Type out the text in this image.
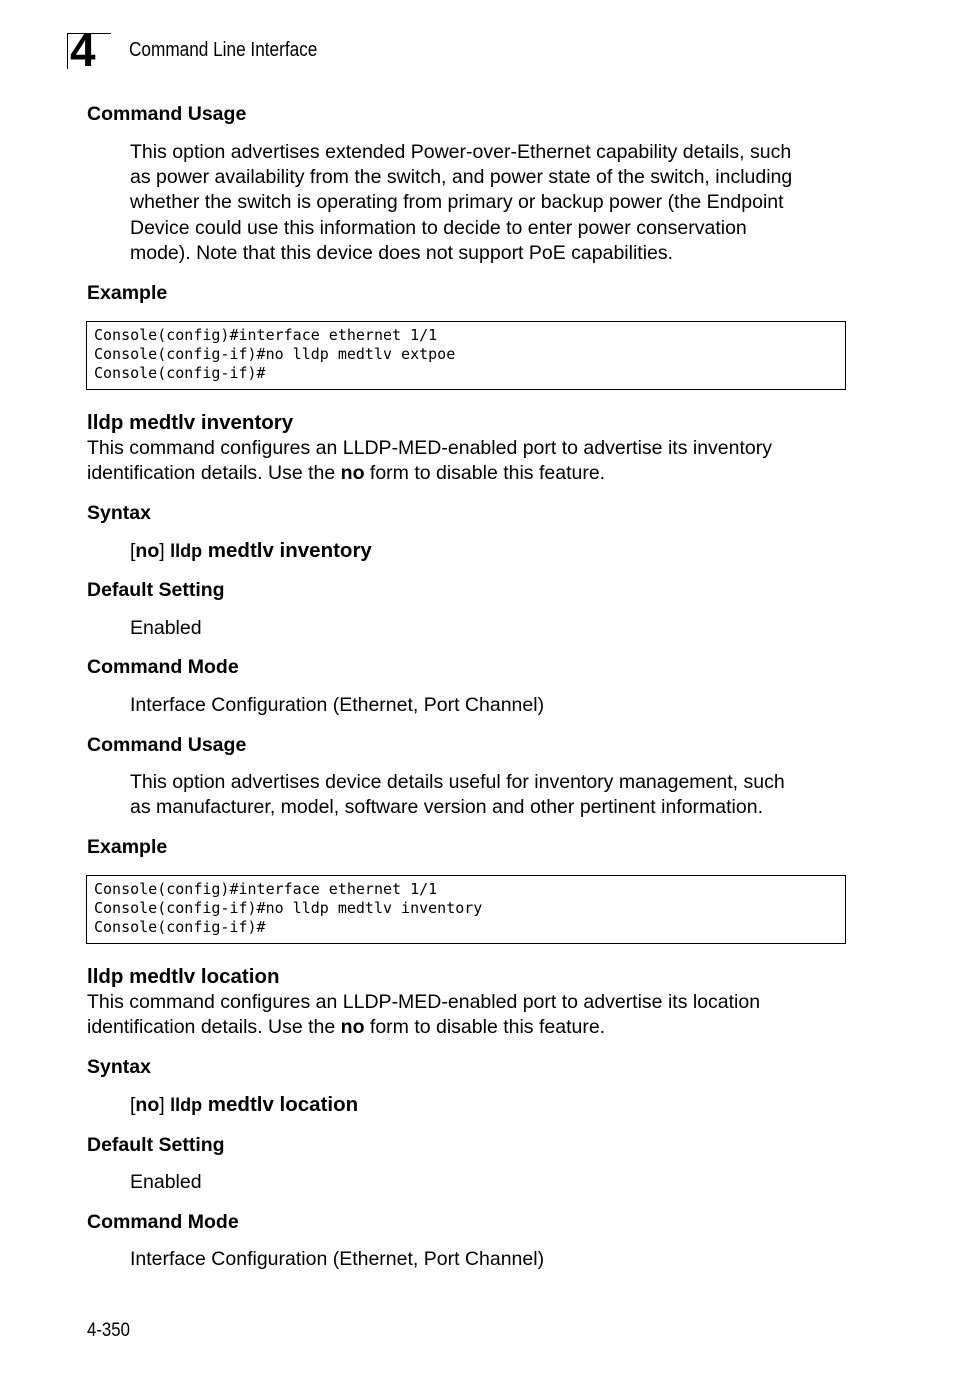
4 Command Line Interface
Command Usage
This option advertises extended Power-over-Ethernet capability details, such
as power availability from the switch, and power state of the switch, including
whether the switch is operating from primary or backup power (the Endpoint
Device could use this information to decide to enter power conservation
mode). Note that this device does not support PoE capabilities.
Example
Console(config)#interface ethernet 1/1
Console(config-if)#no lldp medtlv extpoe
Console(config-if)#
lldp medtlv inventory
This command configures an LLDP-MED-enabled port to advertise its inventory
identification details. Use the no form to disable this feature.
Syntax
[no] lldp medtlv inventory
Default Setting
Enabled
Command Mode
Interface Configuration (Ethernet, Port Channel)
Command Usage
This option advertises device details useful for inventory management, such
as manufacturer, model, software version and other pertinent information.
Example
Console(config)#interface ethernet 1/1
Console(config-if)#no lldp medtlv inventory
Console(config-if)#
lldp medtlv location
This command configures an LLDP-MED-enabled port to advertise its location
identification details. Use the no form to disable this feature.
Syntax
[no] lldp medtlv location
Default Setting
Enabled
Command Mode
Interface Configuration (Ethernet, Port Channel)
4-350
